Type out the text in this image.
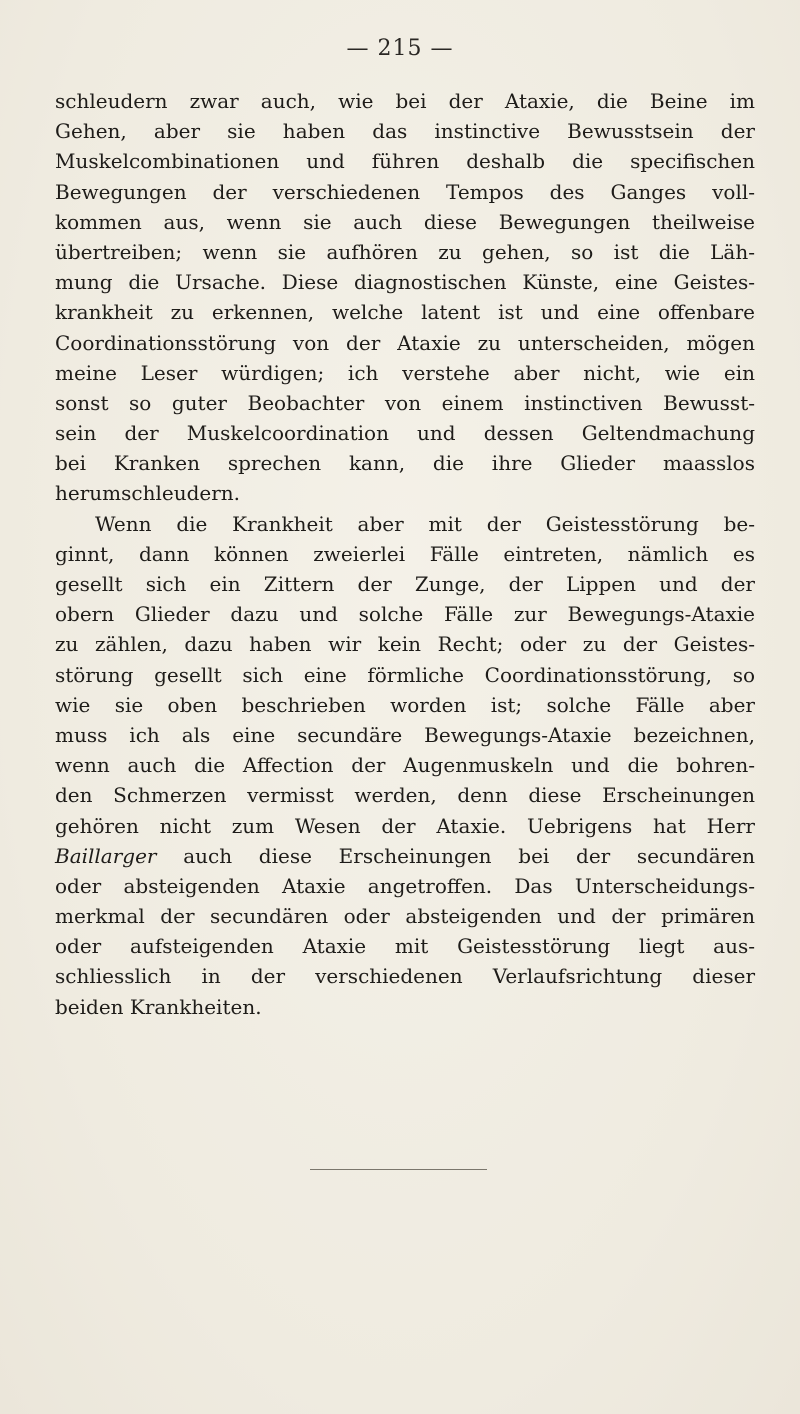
— 215 —
schleudern zwar auch, wie bei der Ataxie, die Beine im
Gehen, aber sie haben das instinctive Bewusstsein der
Muskelcombinationen und führen deshalb die specifischen
Bewegungen der verschiedenen Tempos des Ganges voll-
kommen aus, wenn sie auch diese Bewegungen theilweise
übertreiben; wenn sie aufhören zu gehen, so ist die Läh-
mung die Ursache. Diese diagnostischen Künste, eine Geistes-
krankheit zu erkennen, welche latent ist und eine offenbare
Coordinationsstörung von der Ataxie zu unterscheiden, mögen
meine Leser würdigen; ich verstehe aber nicht, wie ein
sonst so guter Beobachter von einem instinctiven Bewusst-
sein der Muskelcoordination und dessen Geltendmachung
bei Kranken sprechen kann, die ihre Glieder maasslos
herumschleudern.
Wenn die Krankheit aber mit der Geistesstörung be-
ginnt, dann können zweierlei Fälle eintreten, nämlich es
gesellt sich ein Zittern der Zunge, der Lippen und der
obern Glieder dazu und solche Fälle zur Bewegungs-Ataxie
zu zählen, dazu haben wir kein Recht; oder zu der Geistes-
störung gesellt sich eine förmliche Coordinationsstörung, so
wie sie oben beschrieben worden ist; solche Fälle aber
muss ich als eine secundäre Bewegungs-Ataxie bezeichnen,
wenn auch die Affection der Augenmuskeln und die bohren-
den Schmerzen vermisst werden, denn diese Erscheinungen
gehören nicht zum Wesen der Ataxie. Uebrigens hat Herr
Baillarger auch diese Erscheinungen bei der secundären
oder absteigenden Ataxie angetroffen. Das Unterscheidungs-
merkmal der secundären oder absteigenden und der primären
oder aufsteigenden Ataxie mit Geistesstörung liegt aus-
schliesslich in der verschiedenen Verlaufsrichtung dieser
beiden Krankheiten.
